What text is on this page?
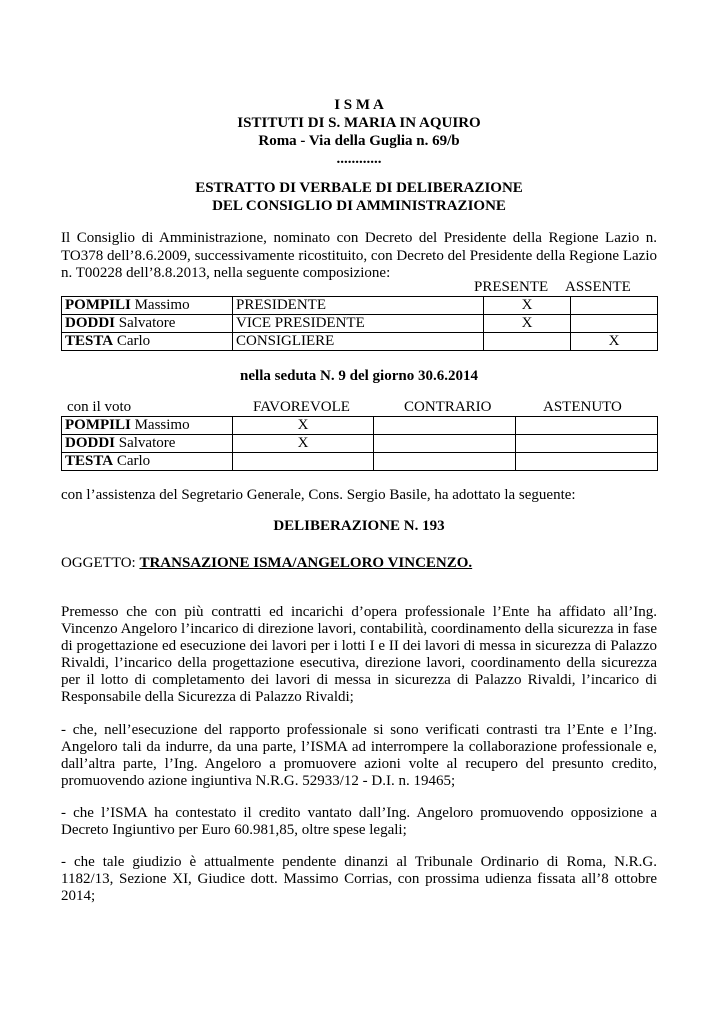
I S M A
ISTITUTI DI S. MARIA IN AQUIRO
Roma - Via della Guglia n. 69/b
............
ESTRATTO DI VERBALE DI DELIBERAZIONE
DEL CONSIGLIO DI AMMINISTRAZIONE

Il Consiglio di Amministrazione, nominato con Decreto del Presidente della Regione Lazio n. TO378 dell’8.6.2009, successivamente ricostituito, con Decreto del Presidente della Regione Lazio n. T00228 dell’8.8.2013, nella seguente composizione:

PRESENTE ASSENTE
POMPILI Massimo	PRESIDENTE	X	
DODDI Salvatore	VICE PRESIDENTE	X	
TESTA Carlo	CONSIGLIERE		X
nella seduta N. 9 del giorno 30.6.2014
con il voto	FAVOREVOLE	CONTRARIO	ASTENUTO
POMPILI Massimo	X		
DODDI Salvatore	X		
TESTA Carlo			
con l’assistenza del Segretario Generale, Cons. Sergio Basile, ha adottato la seguente:
DELIBERAZIONE N. 193
OGGETTO: TRANSAZIONE ISMA/ANGELORO VINCENZO.

Premesso che con più contratti ed incarichi d’opera professionale l’Ente ha affidato all’Ing. Vincenzo Angeloro l’incarico di direzione lavori, contabilità, coordinamento della sicurezza in fase di progettazione ed esecuzione dei lavori per i lotti I e II dei lavori di messa in sicurezza di Palazzo Rivaldi, l’incarico della progettazione esecutiva, direzione lavori, coordinamento della sicurezza per il lotto di completamento dei lavori di messa in sicurezza di Palazzo Rivaldi, l’incarico di Responsabile della Sicurezza di Palazzo Rivaldi;

- che, nell’esecuzione del rapporto professionale si sono verificati contrasti tra l’Ente e l’Ing. Angeloro tali da indurre, da una parte, l’ISMA ad interrompere la collaborazione professionale e, dall’altra parte, l’Ing. Angeloro a promuovere azioni volte al recupero del presunto credito, promuovendo azione ingiuntiva N.R.G. 52933/12 - D.I. n. 19465;

- che l’ISMA ha contestato il credito vantato dall’Ing. Angeloro promuovendo opposizione a Decreto Ingiuntivo per Euro 60.981,85, oltre spese legali;

- che tale giudizio è attualmente pendente dinanzi al Tribunale Ordinario di Roma, N.R.G. 1182/13, Sezione XI, Giudice dott. Massimo Corrias, con prossima udienza fissata all’8 ottobre 2014;
